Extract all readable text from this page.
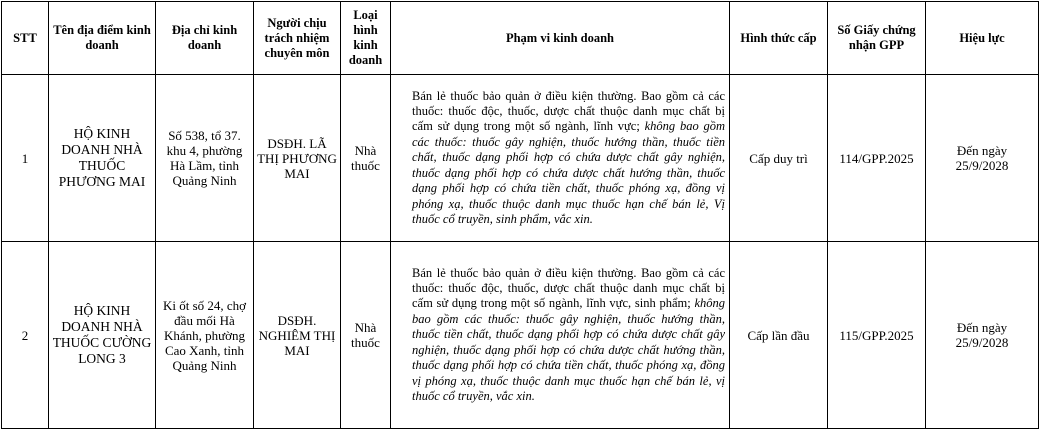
STT	Tên địa điểm kinh doanh	Địa chỉ kinh doanh	Người chịu trách nhiệm chuyên môn	Loại hình kinh doanh	Phạm vi kinh doanh	Hình thức cấp	Số Giấy chứng nhận GPP	Hiệu lực
1	HỘ KINH DOANH NHÀ THUỐC PHƯƠNG MAI	Số 538, tổ 37. khu 4, phường Hà Lầm, tỉnh Quảng Ninh	DSĐH. LÃ THỊ PHƯƠNG MAI	Nhà thuốc	Bán lẻ thuốc bảo quản ở điều kiện thường. Bao gồm cả các thuốc: thuốc độc, thuốc, dược chất thuộc danh mục chất bị cấm sử dụng trong một số ngành, lĩnh vực; không bao gồm các thuốc: thuốc gây nghiện, thuốc hướng thần, thuốc tiền chất, thuốc dạng phối hợp có chứa dược chất gây nghiện, thuốc dạng phối hợp có chứa dược chất hướng thần, thuốc dạng phối hợp có chứa tiền chất, thuốc phóng xạ, đồng vị phóng xạ, thuốc thuộc danh mục thuốc hạn chế bán lẻ, Vị thuốc cổ truyền, sinh phẩm, vắc xin.	Cấp duy trì	114/GPP.2025	Đến ngày 25/9/2028
2	HỘ KINH DOANH NHÀ THUỐC CƯỜNG LONG 3	Ki ốt số 24, chợ đầu mối Hà Khánh, phường Cao Xanh, tỉnh Quảng Ninh	DSĐH. NGHIÊM THỊ MAI	Nhà thuốc	Bán lẻ thuốc bảo quản ở điều kiện thường. Bao gồm cả các thuốc: thuốc độc, thuốc, dược chất thuộc danh mục chất bị cấm sử dụng trong một số ngành, lĩnh vực, sinh phẩm; không bao gồm các thuốc: thuốc gây nghiện, thuốc hướng thần, thuốc tiền chất, thuốc dạng phối hợp có chứa dược chất gây nghiện, thuốc dạng phối hợp có chứa dược chất hướng thần, thuốc dạng phối hợp có chứa tiền chất, thuốc phóng xạ, đồng vị phóng xạ, thuốc thuộc danh mục thuốc hạn chế bán lẻ, vị thuốc cổ truyền, vắc xin.	Cấp lần đầu	115/GPP.2025	Đến ngày 25/9/2028
